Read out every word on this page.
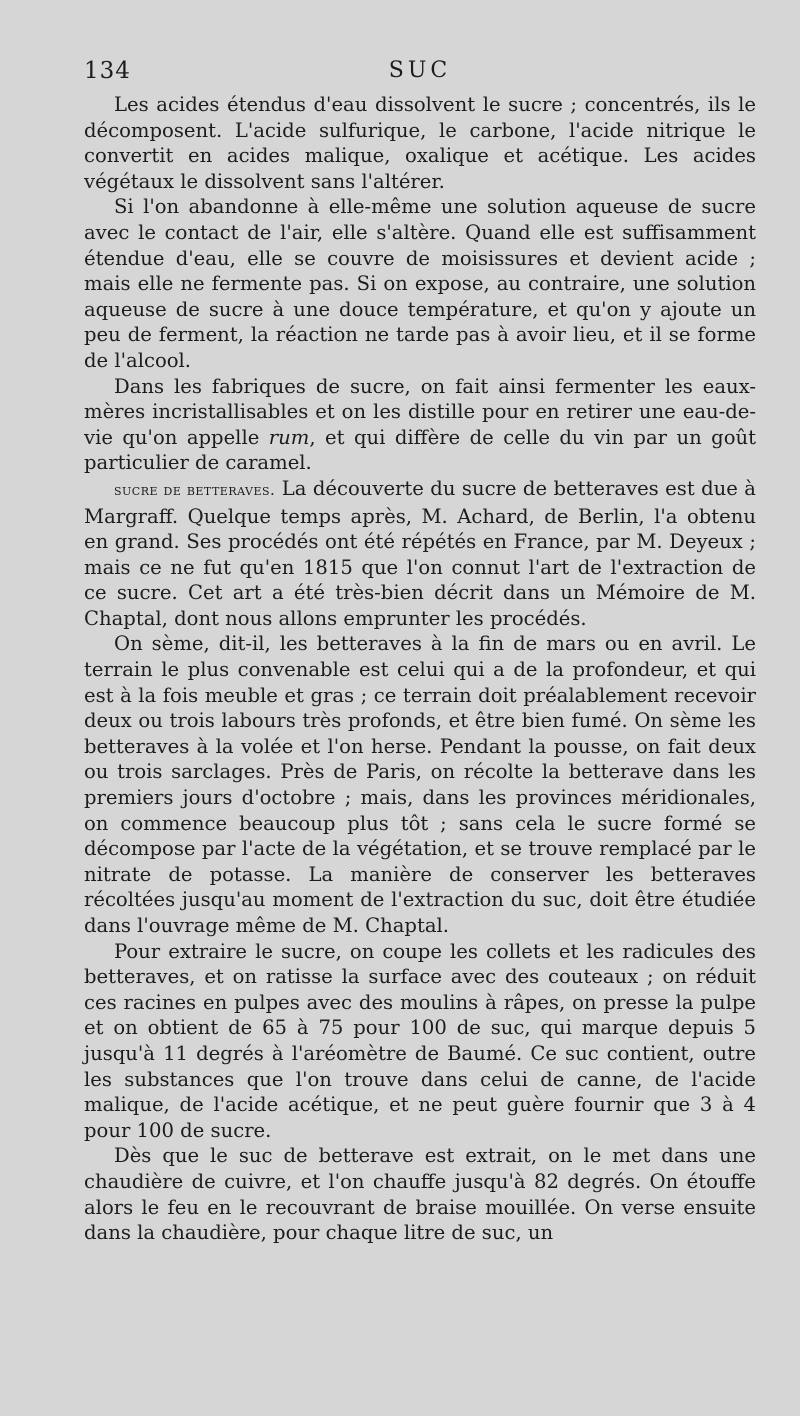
134	SUC

Les acides étendus d'eau dissolvent le sucre ; concentrés, ils le décomposent. L'acide sulfurique, le carbone, l'acide nitrique le convertit en acides malique, oxalique et acétique. Les acides végétaux le dissolvent sans l'altérer.

Si l'on abandonne à elle-même une solution aqueuse de sucre avec le contact de l'air, elle s'altère. Quand elle est suffisamment étendue d'eau, elle se couvre de moisissures et devient acide ; mais elle ne fermente pas. Si on expose, au contraire, une solution aqueuse de sucre à une douce température, et qu'on y ajoute un peu de ferment, la réaction ne tarde pas à avoir lieu, et il se forme de l'alcool.

Dans les fabriques de sucre, on fait ainsi fermenter les eaux-mères incristallisables et on les distille pour en retirer une eau-de-vie qu'on appelle rum, et qui diffère de celle du vin par un goût particulier de caramel.

sucre de betteraves. La découverte du sucre de betteraves est due à Margraff. Quelque temps après, M. Achard, de Berlin, l'a obtenu en grand. Ses procédés ont été répétés en France, par M. Deyeux ; mais ce ne fut qu'en 1815 que l'on connut l'art de l'extraction de ce sucre. Cet art a été très-bien décrit dans un Mémoire de M. Chaptal, dont nous allons emprunter les procédés.

On sème, dit-il, les betteraves à la fin de mars ou en avril. Le terrain le plus convenable est celui qui a de la profondeur, et qui est à la fois meuble et gras ; ce terrain doit préalablement recevoir deux ou trois labours très profonds, et être bien fumé. On sème les betteraves à la volée et l'on herse. Pendant la pousse, on fait deux ou trois sarclages. Près de Paris, on récolte la betterave dans les premiers jours d'octobre ; mais, dans les provinces méridionales, on commence beaucoup plus tôt ; sans cela le sucre formé se décompose par l'acte de la végétation, et se trouve remplacé par le nitrate de potasse. La manière de conserver les betteraves récoltées jusqu'au moment de l'extraction du suc, doit être étudiée dans l'ouvrage même de M. Chaptal.

Pour extraire le sucre, on coupe les collets et les radicules des betteraves, et on ratisse la surface avec des couteaux ; on réduit ces racines en pulpes avec des moulins à râpes, on presse la pulpe et on obtient de 65 à 75 pour 100 de suc, qui marque depuis 5 jusqu'à 11 degrés à l'aréomètre de Baumé. Ce suc contient, outre les substances que l'on trouve dans celui de canne, de l'acide malique, de l'acide acétique, et ne peut guère fournir que 3 à 4 pour 100 de sucre.

Dès que le suc de betterave est extrait, on le met dans une chaudière de cuivre, et l'on chauffe jusqu'à 82 degrés. On étouffe alors le feu en le recouvrant de braise mouillée. On verse ensuite dans la chaudière, pour chaque litre de suc, un
